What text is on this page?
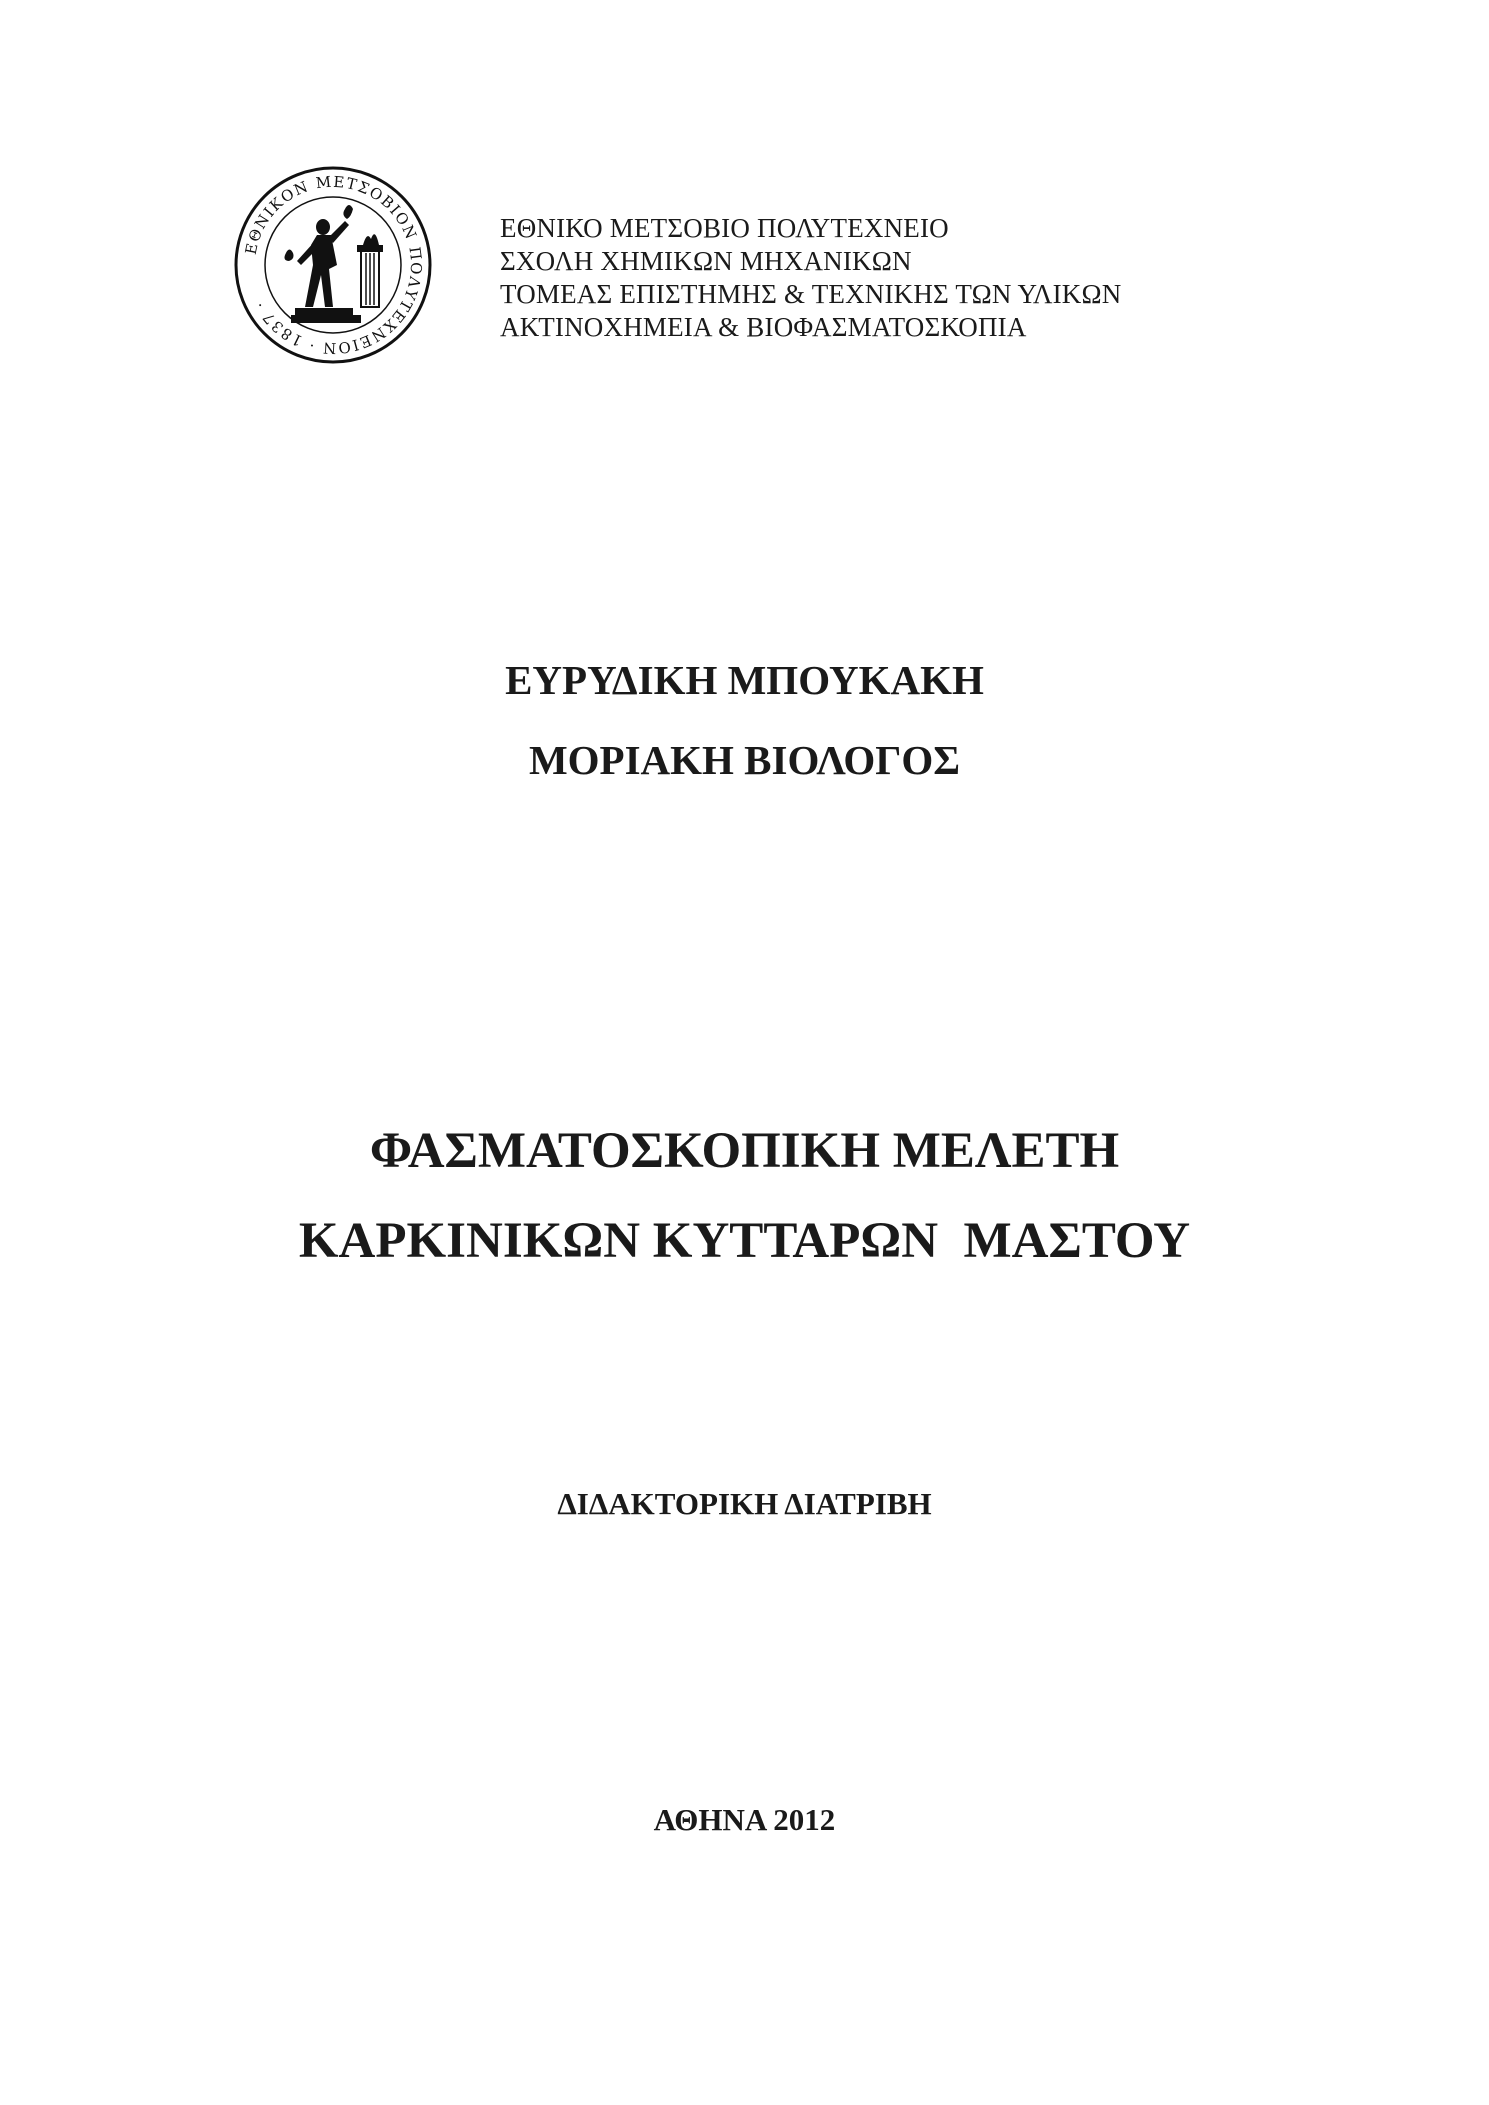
ΕΘΝΙΚΟΝ ΜΕΤΣΟΒΙΟΝ ΠΟΛΥΤΕΧΝΕΙΟΝ · 1837 ·
ΕΘΝΙΚΟ ΜΕΤΣΟΒΙΟ ΠΟΛΥΤΕΧΝΕΙΟ
ΣΧΟΛΗ ΧΗΜΙΚΩΝ ΜΗΧΑΝΙΚΩΝ
ΤΟΜΕΑΣ ΕΠΙΣΤΗΜΗΣ & ΤΕΧΝΙΚΗΣ ΤΩΝ ΥΛΙΚΩΝ
ΑΚΤΙΝΟΧΗΜΕΙΑ & ΒΙΟΦΑΣΜΑΤΟΣΚΟΠΙΑ
ΕΥΡΥΔΙΚΗ ΜΠΟΥΚΑΚΗ
ΜΟΡΙΑΚΗ ΒΙΟΛΟΓΟΣ
ΦΑΣΜΑΤΟΣΚΟΠΙΚΗ ΜΕΛΕΤΗ
ΚΑΡΚΙΝΙΚΩΝ ΚΥΤΤΑΡΩΝ  ΜΑΣΤΟΥ
ΔΙΔΑΚΤΟΡΙΚΗ ΔΙΑΤΡΙΒΗ
ΑΘΗΝΑ 2012
